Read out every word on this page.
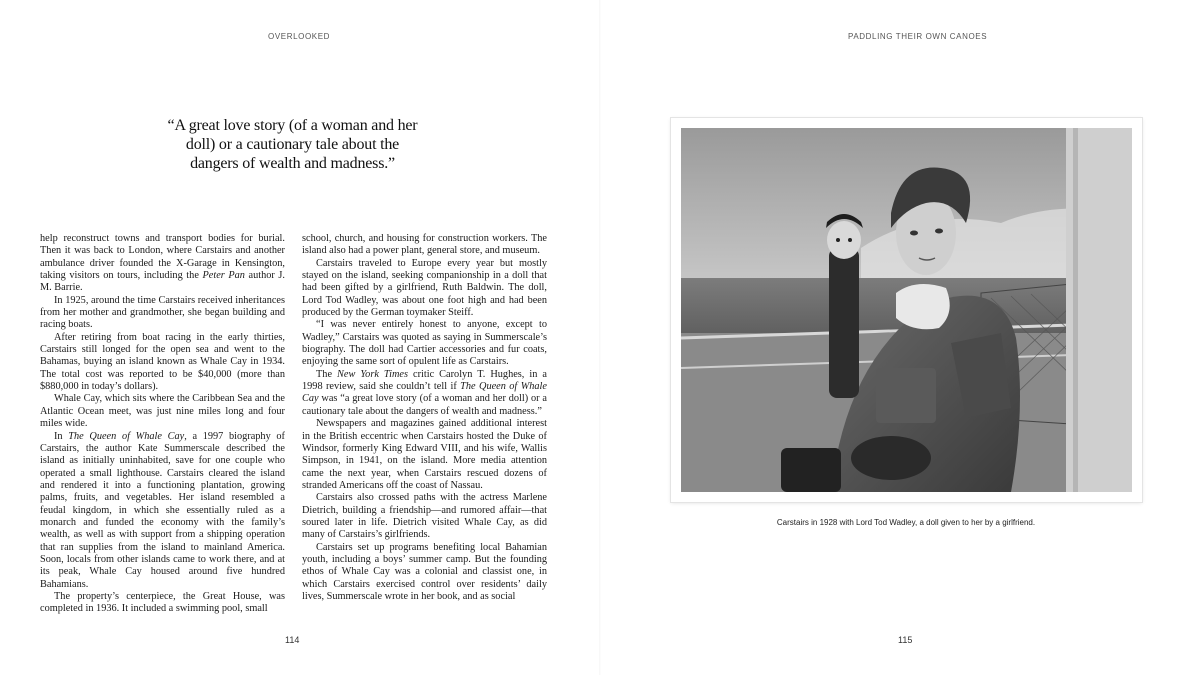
OVERLOOKED
“A great love story (of a woman and her doll) or a cautionary tale about the dangers of wealth and madness.”

help reconstruct towns and transport bodies for burial. Then it was back to London, where Carstairs and another ambulance driver founded the X-Garage in Kensington, taking visitors on tours, including the Peter Pan author J. M. Barrie.

In 1925, around the time Carstairs received inheritances from her mother and grandmother, she began building and racing boats.

After retiring from boat racing in the early thirties, Carstairs still longed for the open sea and went to the Bahamas, buying an island known as Whale Cay in 1934. The total cost was reported to be $40,000 (more than $880,000 in today’s dollars).

Whale Cay, which sits where the Caribbean Sea and the Atlantic Ocean meet, was just nine miles long and four miles wide.

In The Queen of Whale Cay, a 1997 biography of Carstairs, the author Kate Summerscale described the island as initially uninhabited, save for one couple who operated a small lighthouse. Carstairs cleared the island and rendered it into a functioning plantation, growing palms, fruits, and vegetables. Her island resembled a feudal kingdom, in which she essentially ruled as a monarch and funded the economy with the family’s wealth, as well as with support from a shipping operation that ran supplies from the island to mainland America. Soon, locals from other islands came to work there, and at its peak, Whale Cay housed around five hundred Bahamians.

The property’s centerpiece, the Great House, was completed in 1936. It included a swimming pool, small

school, church, and housing for construction workers. The island also had a power plant, general store, and museum.

Carstairs traveled to Europe every year but mostly stayed on the island, seeking companionship in a doll that had been gifted by a girlfriend, Ruth Baldwin. The doll, Lord Tod Wadley, was about one foot high and had been produced by the German toymaker Steiff.

“I was never entirely honest to anyone, except to Wadley,” Carstairs was quoted as saying in Summerscale’s biography. The doll had Cartier accessories and fur coats, enjoying the same sort of opulent life as Carstairs.

The New York Times critic Carolyn T. Hughes, in a 1998 review, said she couldn’t tell if The Queen of Whale Cay was “a great love story (of a woman and her doll) or a cautionary tale about the dangers of wealth and madness.”

Newspapers and magazines gained additional interest in the British eccentric when Carstairs hosted the Duke of Windsor, formerly King Edward VIII, and his wife, Wallis Simpson, in 1941, on the island. More media attention came the next year, when Carstairs rescued dozens of stranded Americans off the coast of Nassau.

Carstairs also crossed paths with the actress Marlene Dietrich, building a friendship—and rumored affair—that soured later in life. Dietrich visited Whale Cay, as did many of Carstairs’s girlfriends.

Carstairs set up programs benefiting local Bahamian youth, including a boys’ summer camp. But the founding ethos of Whale Cay was a colonial and classist one, in which Carstairs exercised control over residents’ daily lives, Summerscale wrote in her book, and as social

114
PADDLING THEIR OWN CANOES
Carstairs in 1928 with Lord Tod Wadley, a doll given to her by a girlfriend.
115
